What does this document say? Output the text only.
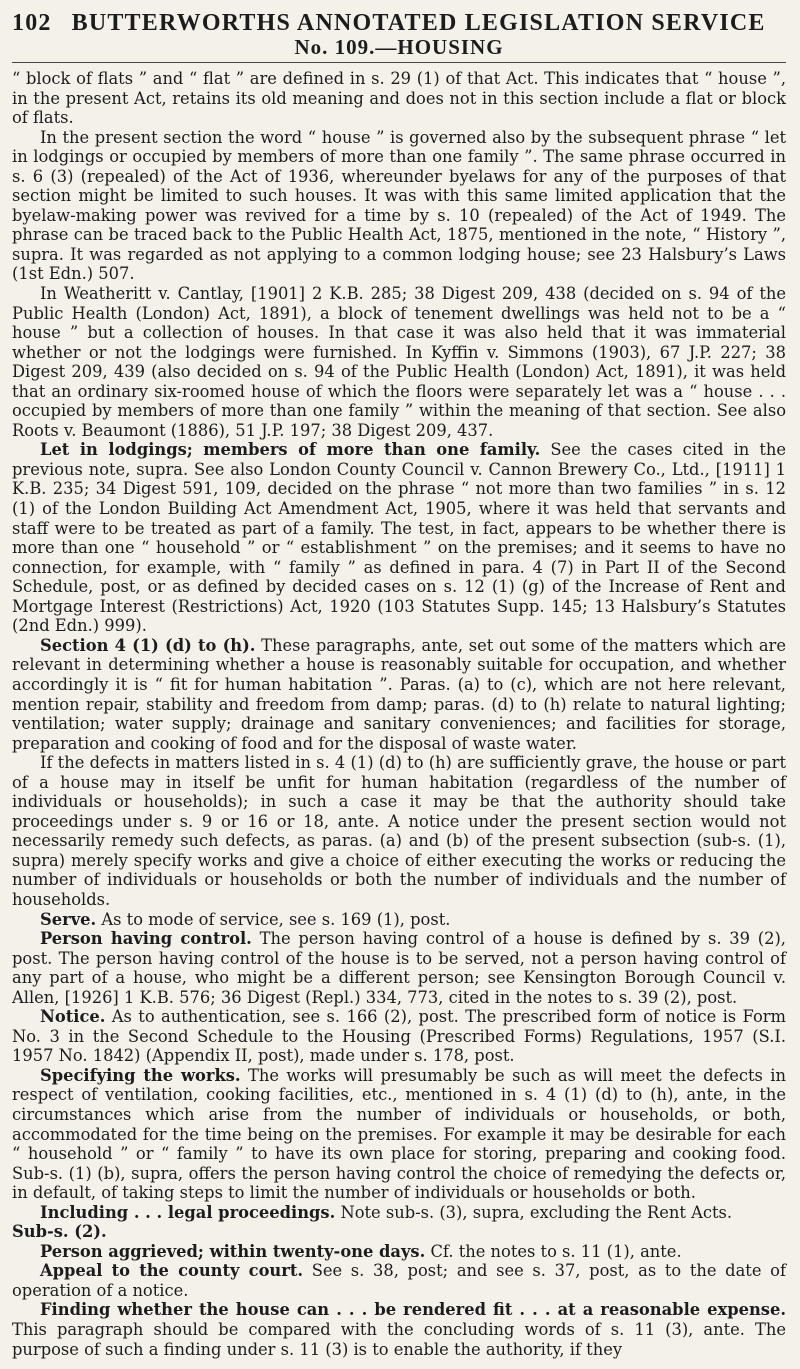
102 BUTTERWORTHS ANNOTATED LEGISLATION SERVICE
No. 109.—HOUSING

“ block of flats ” and “ flat ” are defined in s. 29 (1) of that Act. This indicates that “ house ”, in the present Act, retains its old meaning and does not in this section include a flat or block of flats.

In the present section the word “ house ” is governed also by the subsequent phrase “ let in lodgings or occupied by members of more than one family ”. The same phrase occurred in s. 6 (3) (repealed) of the Act of 1936, whereunder byelaws for any of the purposes of that section might be limited to such houses. It was with this same limited application that the byelaw-making power was revived for a time by s. 10 (repealed) of the Act of 1949. The phrase can be traced back to the Public Health Act, 1875, mentioned in the note, “ History ”, supra. It was regarded as not applying to a common lodging house; see 23 Halsbury’s Laws (1st Edn.) 507.

In Weatheritt v. Cantlay, [1901] 2 K.B. 285; 38 Digest 209, 438 (decided on s. 94 of the Public Health (London) Act, 1891), a block of tenement dwellings was held not to be a “ house ” but a collection of houses. In that case it was also held that it was immaterial whether or not the lodgings were furnished. In Kyffin v. Simmons (1903), 67 J.P. 227; 38 Digest 209, 439 (also decided on s. 94 of the Public Health (London) Act, 1891), it was held that an ordinary six-roomed house of which the floors were separately let was a “ house . . . occupied by members of more than one family ” within the meaning of that section. See also Roots v. Beaumont (1886), 51 J.P. 197; 38 Digest 209, 437.

Let in lodgings; members of more than one family. See the cases cited in the previous note, supra. See also London County Council v. Cannon Brewery Co., Ltd., [1911] 1 K.B. 235; 34 Digest 591, 109, decided on the phrase “ not more than two families ” in s. 12 (1) of the London Building Act Amendment Act, 1905, where it was held that servants and staff were to be treated as part of a family. The test, in fact, appears to be whether there is more than one “ household ” or “ establishment ” on the premises; and it seems to have no connection, for example, with “ family ” as defined in para. 4 (7) in Part II of the Second Schedule, post, or as defined by decided cases on s. 12 (1) (g) of the Increase of Rent and Mortgage Interest (Restrictions) Act, 1920 (103 Statutes Supp. 145; 13 Halsbury’s Statutes (2nd Edn.) 999).

Section 4 (1) (d) to (h). These paragraphs, ante, set out some of the matters which are relevant in determining whether a house is reasonably suitable for occupation, and whether accordingly it is “ fit for human habitation ”. Paras. (a) to (c), which are not here relevant, mention repair, stability and freedom from damp; paras. (d) to (h) relate to natural lighting; ventilation; water supply; drainage and sanitary conveniences; and facilities for storage, preparation and cooking of food and for the disposal of waste water.

If the defects in matters listed in s. 4 (1) (d) to (h) are sufficiently grave, the house or part of a house may in itself be unfit for human habitation (regardless of the number of individuals or households); in such a case it may be that the authority should take proceedings under s. 9 or 16 or 18, ante. A notice under the present section would not necessarily remedy such defects, as paras. (a) and (b) of the present subsection (sub-s. (1), supra) merely specify works and give a choice of either executing the works or reducing the number of individuals or households or both the number of individuals and the number of households.

Serve. As to mode of service, see s. 169 (1), post.

Person having control. The person having control of a house is defined by s. 39 (2), post. The person having control of the house is to be served, not a person having control of any part of a house, who might be a different person; see Kensington Borough Council v. Allen, [1926] 1 K.B. 576; 36 Digest (Repl.) 334, 773, cited in the notes to s. 39 (2), post.

Notice. As to authentication, see s. 166 (2), post. The prescribed form of notice is Form No. 3 in the Second Schedule to the Housing (Prescribed Forms) Regulations, 1957 (S.I. 1957 No. 1842) (Appendix II, post), made under s. 178, post.

Specifying the works. The works will presumably be such as will meet the defects in respect of ventilation, cooking facilities, etc., mentioned in s. 4 (1) (d) to (h), ante, in the circumstances which arise from the number of individuals or households, or both, accommodated for the time being on the premises. For example it may be desirable for each “ household ” or “ family ” to have its own place for storing, preparing and cooking food. Sub-s. (1) (b), supra, offers the person having control the choice of remedying the defects or, in default, of taking steps to limit the number of individuals or households or both.

Including . . . legal proceedings. Note sub-s. (3), supra, excluding the Rent Acts.

Sub-s. (2).

Person aggrieved; within twenty-one days. Cf. the notes to s. 11 (1), ante.

Appeal to the county court. See s. 38, post; and see s. 37, post, as to the date of operation of a notice.

Finding whether the house can . . . be rendered fit . . . at a reasonable expense. This paragraph should be compared with the concluding words of s. 11 (3), ante. The purpose of such a finding under s. 11 (3) is to enable the authority, if they
